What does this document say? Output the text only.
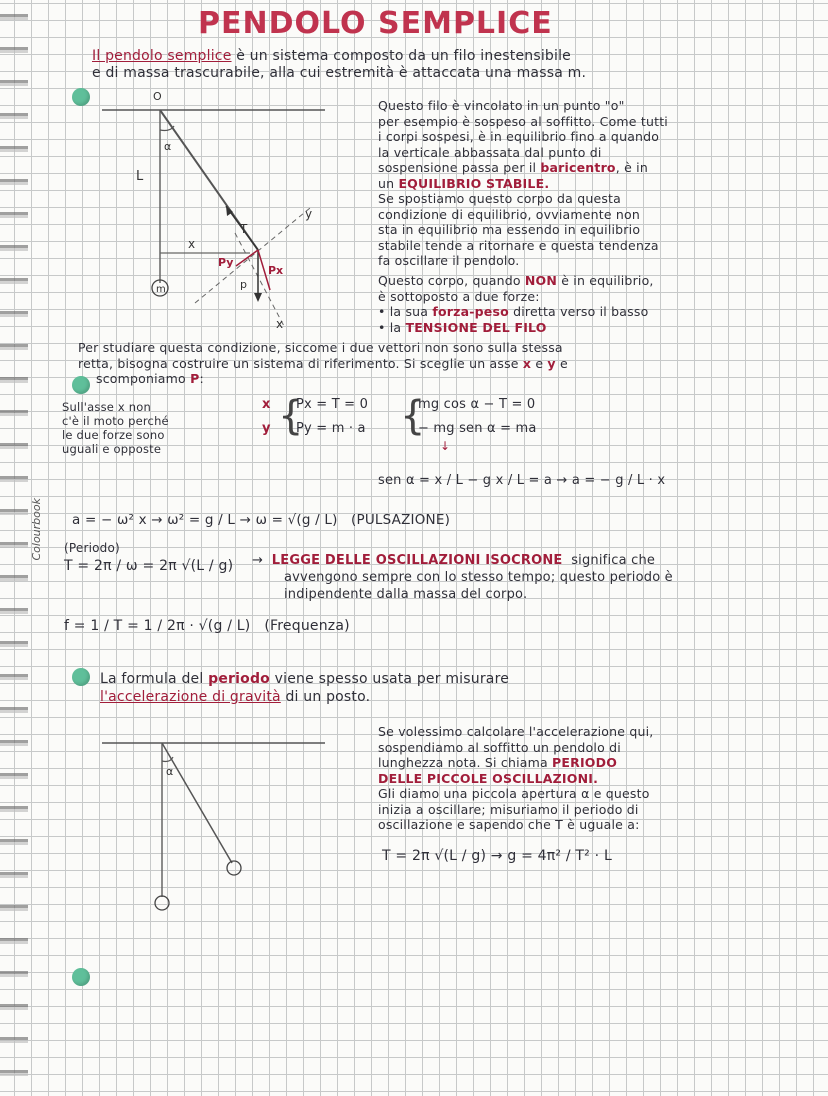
Colourbook
PENDOLO SEMPLICE
Il pendolo semplice è un sistema composto da un filo inestensibile
e di massa trascurabile, alla cui estremità è attaccata una massa m.
O
α
L
x
T
y
Py
Px
p
m
x
Questo filo è vincolato in un punto "o"
per esempio è sospeso al soffitto. Come tutti
i corpi sospesi, è in equilibrio fino a quando
la verticale abbassata dal punto di
sospensione passa per il baricentro, è in
un EQUILIBRIO STABILE.
Se spostiamo questo corpo da questa
condizione di equilibrio, ovviamente non
sta in equilibrio ma essendo in equilibrio
stabile tende a ritornare e questa tendenza
fa oscillare il pendolo.
Questo corpo, quando NON è in equilibrio,
è sottoposto a due forze:
• la sua forza-peso diretta verso il basso
• la TENSIONE DEL FILO
Per studiare questa condizione, siccome i due vettori non sono sulla stessa
retta, bisogna costruire un sistema di riferimento. Si sceglie un asse x e y e
scomponiamo P:
Sull'asse x non
c'è il moto perché
le due forze sono
uguali e opposte
x
y {
Px = T = 0
Py = m · a {
mg cos α − T = 0
− mg sen α = ma
↓
sen α = x / L − g x / L = a → a = − g / L · x
a = − ω² x → ω² = g / L → ω = √(g / L) (PULSAZIONE)
(Periodo)
T = 2π / ω = 2π √(L / g) → LEGGE DELLE OSCILLAZIONI ISOCRONE significa che
avvengono sempre con lo stesso tempo; questo periodo è
indipendente dalla massa del corpo.
f = 1 / T = 1 / 2π · √(g / L) (Frequenza)
La formula del periodo viene spesso usata per misurare
l'accelerazione di gravità di un posto.
α
Se volessimo calcolare l'accelerazione qui,
sospendiamo al soffitto un pendolo di
lunghezza nota. Si chiama PERIODO
DELLE PICCOLE OSCILLAZIONI.
Gli diamo una piccola apertura α e questo
inizia a oscillare; misuriamo il periodo di
oscillazione e sapendo che T è uguale a:
T = 2π √(L / g) → g = 4π² / T² · L
